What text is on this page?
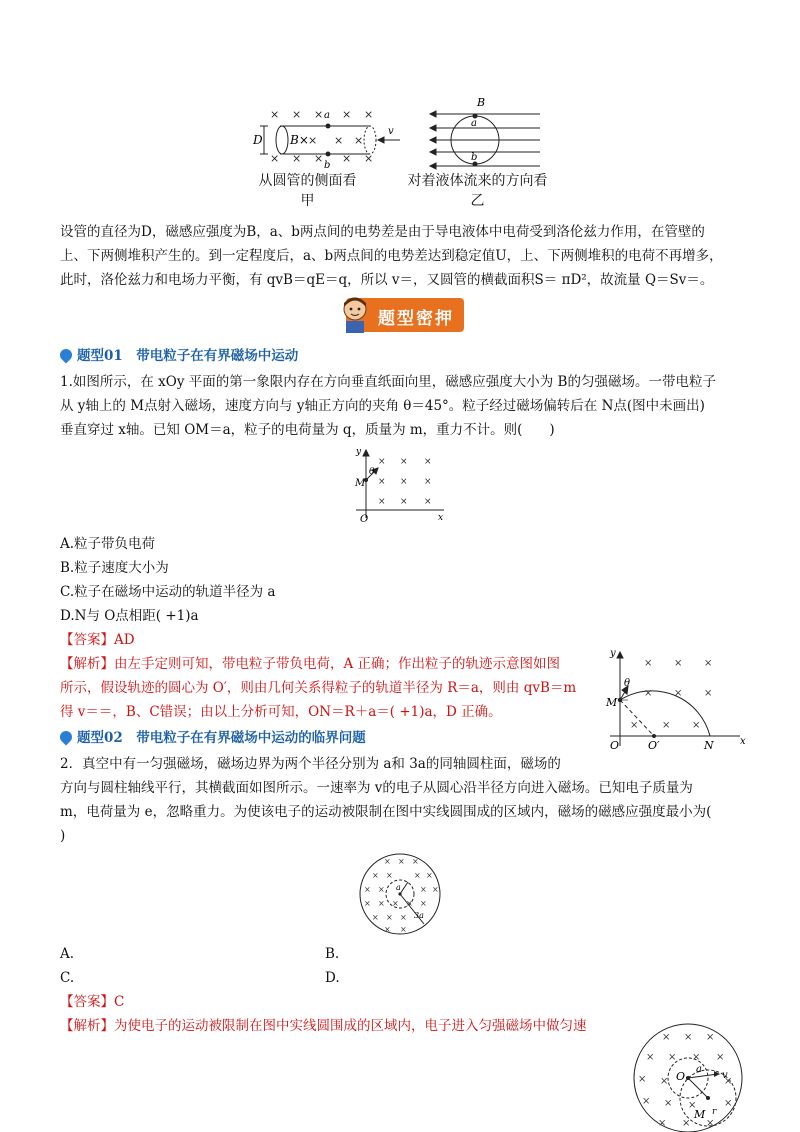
× × × × ×
× × ×
× × × × ×
D
a
B×
b
v
B
a
b
从圆管的侧面看
甲
对着液体流来的方向看
乙
设管的直径为D，磁感应强度为B，a、b两点间的电势差是由于导电液体中电荷受到洛伦兹力作用，在管壁的
上、下两侧堆积产生的。到一定程度后，a、b两点间的电势差达到稳定值U，上、下两侧堆积的电荷不再增多，
此时，洛伦兹力和电场力平衡，有 qvB＝qE＝q，所以 v＝，又圆管的横截面积S＝ πD²，故流量 Q＝Sv＝。
题型密押
题型01　带电粒子在有界磁场中运动
1.如图所示，在 xOy 平面的第一象限内存在方向垂直纸面向里，磁感应强度大小为 B的匀强磁场。一带电粒子
从 y轴上的 M点射入磁场，速度方向与 y轴正方向的夹角 θ＝45°。粒子经过磁场偏转后在 N点(图中未画出)
垂直穿过 x轴。已知 OM＝a，粒子的电荷量为 q，质量为 m，重力不计。则(　　)
× × ×
× × ×
× × ×
y
θ
M
O	x
A.粒子带负电荷
B.粒子速度大小为
C.粒子在磁场中运动的轨道半径为 a
D.N与 O点相距( +1)a
【答案】AD
【解析】由左手定则可知，带电粒子带负电荷，A 正确；作出粒子的轨迹示意图如图
所示，假设轨迹的圆心为 O′，则由几何关系得粒子的轨道半径为 R＝a，则由 qvB＝m
得 v＝＝，B、C错误；由以上分析可知，ON＝R＋a＝( +1)a，D 正确。
× × ×
× × ×
× × ×
y
θ
M
O	O′	N	x
题型02　带电粒子在有界磁场中运动的临界问题
2．真空中有一匀强磁场，磁场边界为两个半径分别为 a和 3a的同轴圆柱面，磁场的
方向与圆柱轴线平行，其横截面如图所示。一速率为 v的电子从圆心沿半径方向进入磁场。已知电子质量为
m，电荷量为 e，忽略重力。为使该电子的运动被限制在图中实线圆围成的区域内，磁场的磁感应强度最小为(
)
× × ×
× ×	× ×
× ×	× ×
× × × × ×
× × ×
× ×
a
3a
A.	B.
C.	D.
【答案】C
【解析】为使电子的运动被限制在图中实线圆围成的区域内，电子进入匀强磁场中做匀速
× × ×
× × × ×
× ×	×
× × ×	×
× × ×
O
a
v
M r
